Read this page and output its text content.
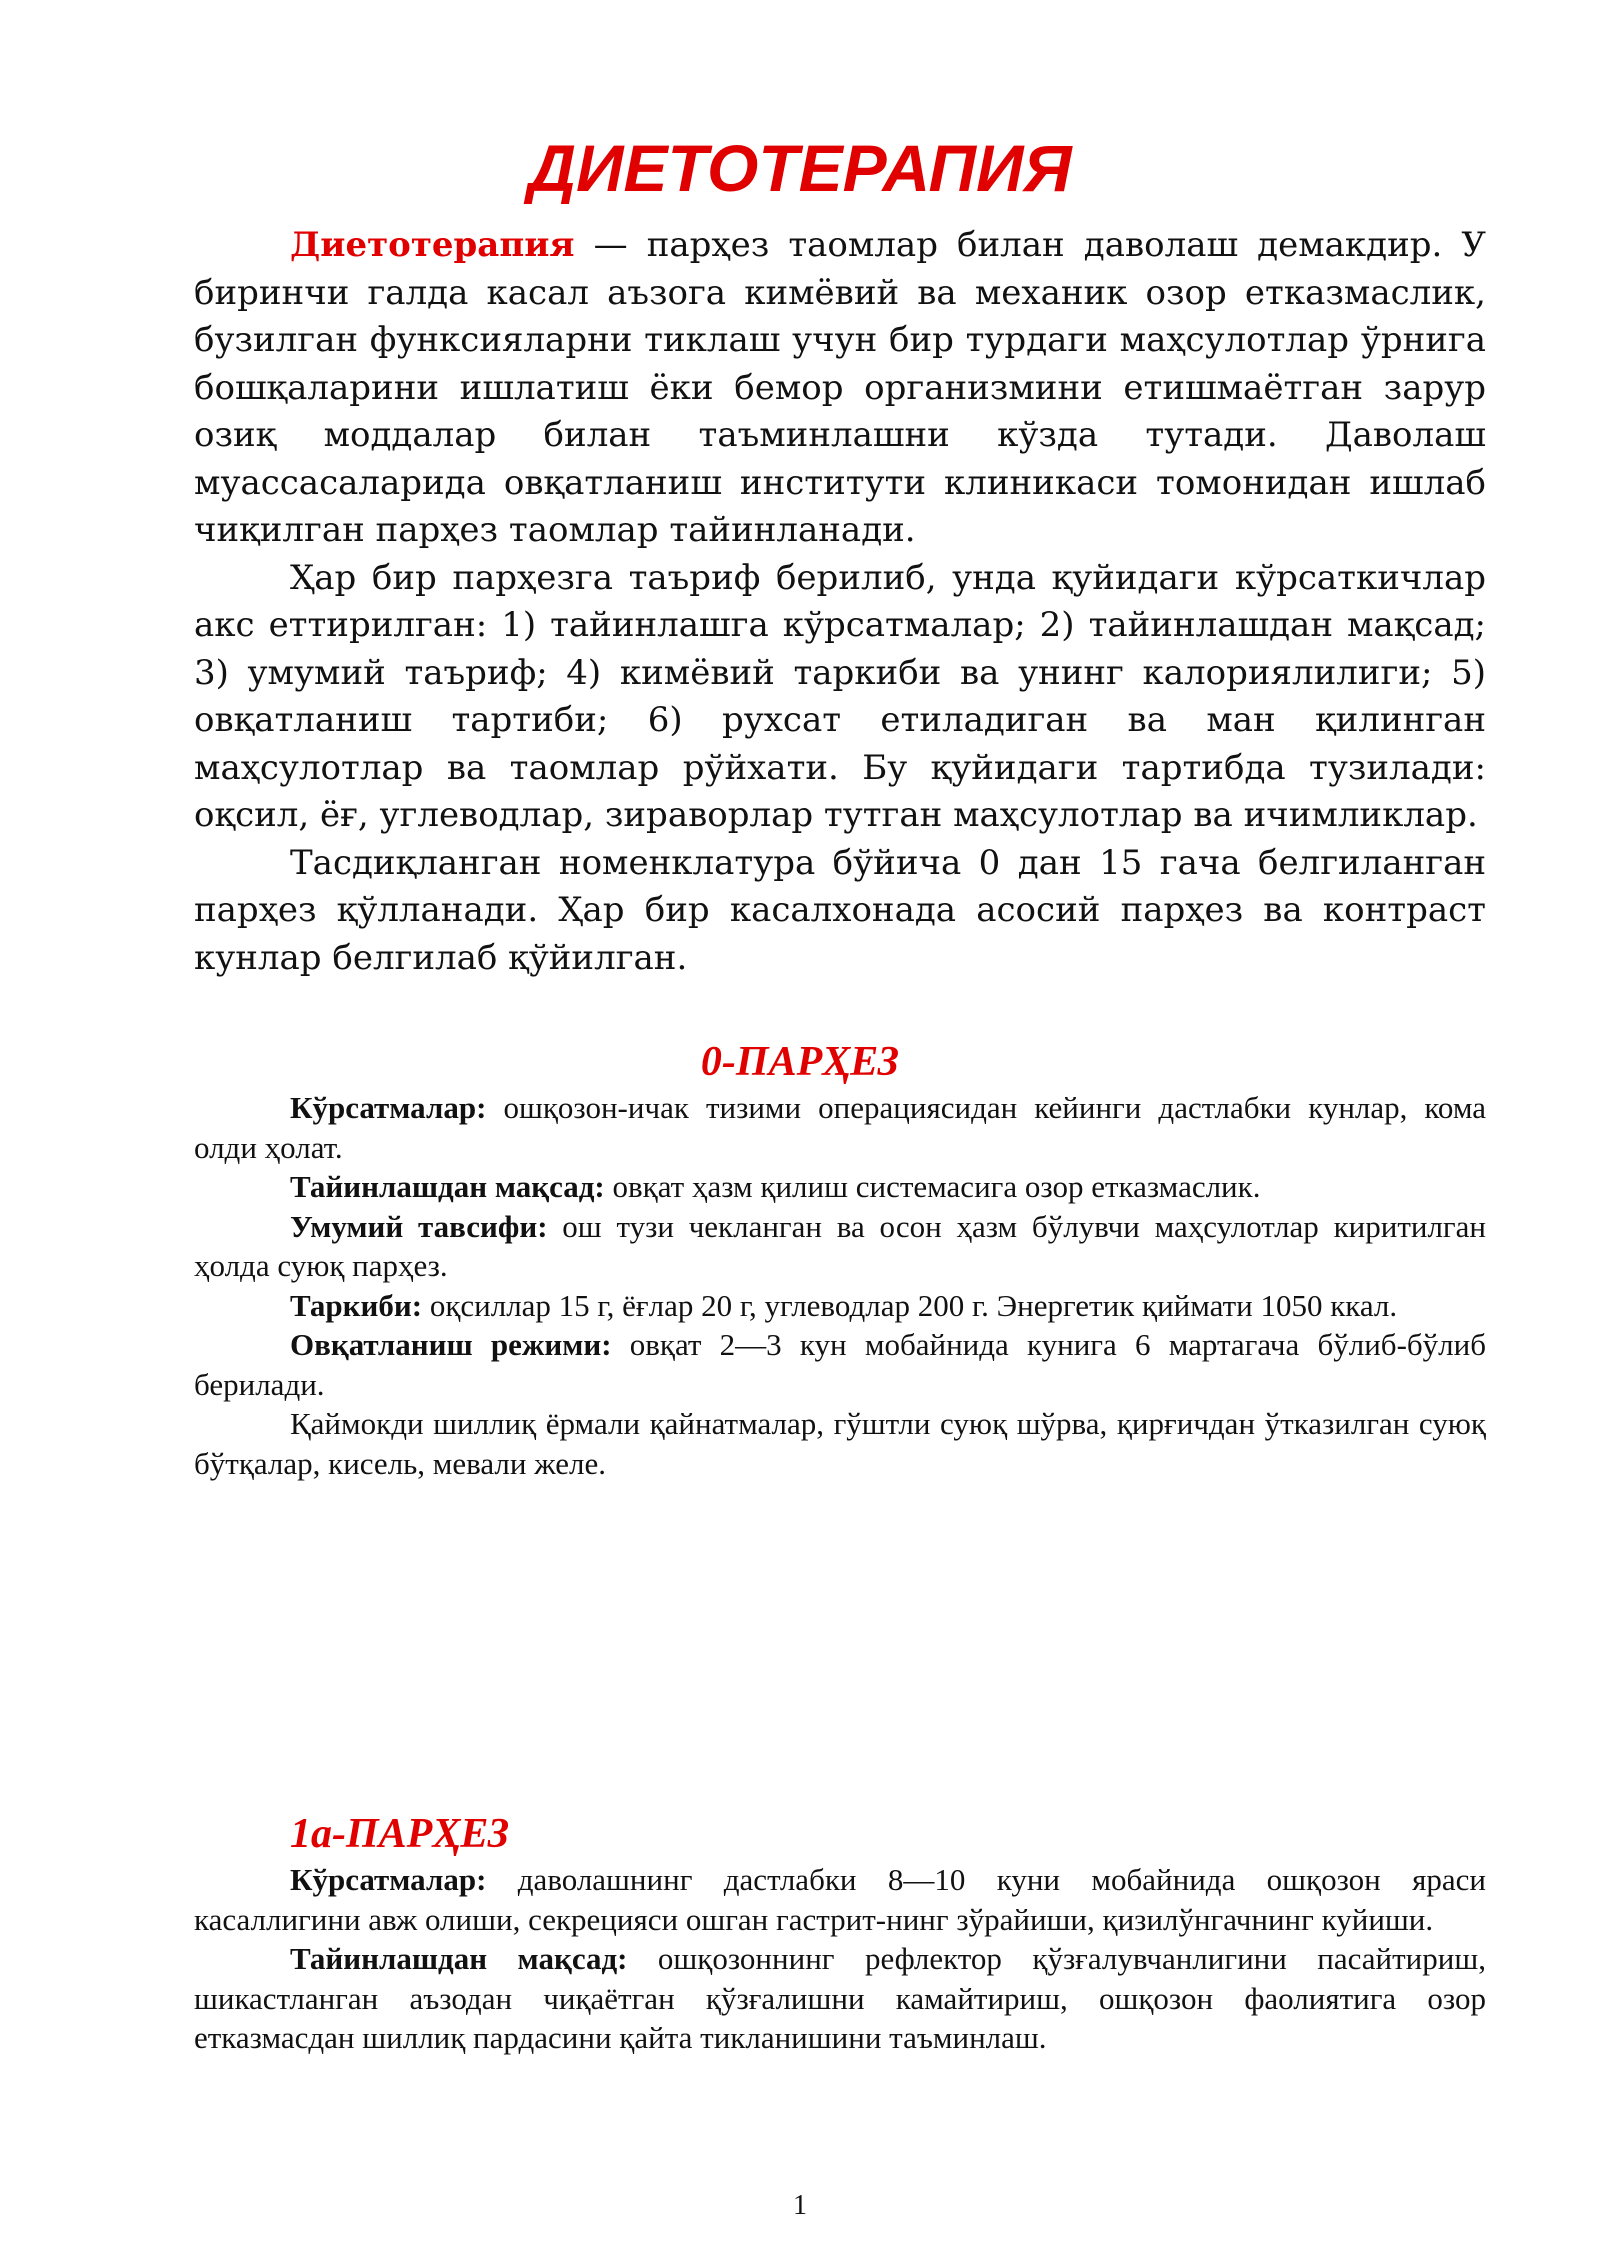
ДИЕТОТЕРАПИЯ

Диетотерапия — парҳез таомлар билан даволаш демакдир. У биринчи галда касал аъзога кимёвий ва механик озор етказмаслик, бузилган функсияларни тиклаш учун бир турдаги маҳсулотлар ўрнига бошқаларини ишлатиш ёки бемор организмини етишмаётган зарур озиқ моддалар билан таъминлашни кўзда тутади. Даволаш муассасаларида овқатланиш институти клиникаси томонидан ишлаб чиқилган парҳез таомлар тайинланади.

Ҳар бир парҳезга таъриф берилиб, унда қуйидаги кўрсаткичлар акс еттирилган: 1) тайинлашга кўрсатмалар; 2) тайинлашдан мақсад; 3) умумий таъриф; 4) кимёвий таркиби ва унинг калориялилиги; 5) овқатланиш тартиби; 6) рухсат етиладиган ва ман қилинган маҳсулотлар ва таомлар рўйхати. Бу қуйидаги тартибда тузилади: оқсил, ёғ, углеводлар, зираворлар тутган маҳсулотлар ва ичимликлар.

Тасдиқланган номенклатура бўйича 0 дан 15 гача белгиланган парҳез қўлланади. Ҳар бир касалхонада асосий парҳез ва контраст кунлар белгилаб қўйилган.

0-ПАРҲЕЗ

Кўрсатмалар: ошқозон-ичак тизими операциясидан кейинги дастлабки кунлар, кома олди ҳолат.

Тайинлашдан мақсад: овқат ҳазм қилиш системасига озор етказмаслик.

Умумий тавсифи: ош тузи чекланган ва осон ҳазм бўлувчи маҳсулотлар киритилган ҳолда суюқ парҳез.

Таркиби: оқсиллар 15 г, ёғлар 20 г, углеводлар 200 г. Энергетик қиймати 1050 ккал.

Овқатланиш режими: овқат 2—3 кун мобайнида кунига 6 мартагача бўлиб-бўлиб берилади.

Қаймокди шиллиқ ёрмали қайнатмалар, гўштли суюқ шўрва, қирғичдан ўтказилган суюқ бўтқалар, кисель, мевали желе.

1а-ПАРҲЕЗ

Кўрсатмалар: даволашнинг дастлабки 8—10 куни мобайнида ошқозон яраси касаллигини авж олиши, секрецияси ошган гастрит-нинг зўрайиши, қизилўнгачнинг куйиши.

Тайинлашдан мақсад: ошқозоннинг рефлектор қўзғалувчанлигини пасайтириш, шикастланган аъзодан чиқаётган қўзғалишни камайтириш, ошқозон фаолиятига озор етказмасдан шиллиқ пардасини қайта тикланишини таъминлаш.

1
